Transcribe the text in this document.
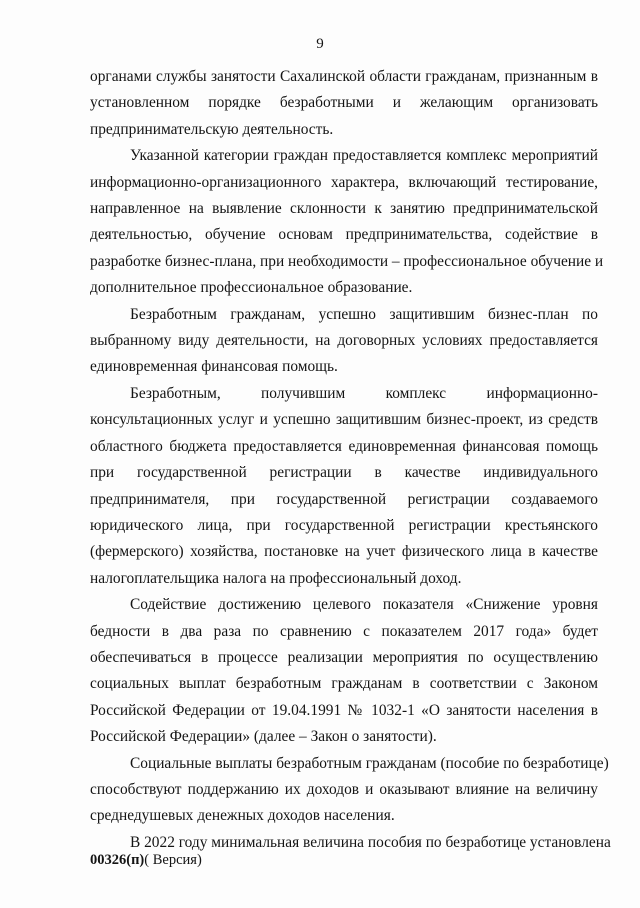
9
органами службы занятости Сахалинской области гражданам, признанным в
установленном порядке безработными и желающим организовать
предпринимательскую деятельность.
Указанной категории граждан предоставляется комплекс мероприятий
информационно-организационного характера, включающий тестирование,
направленное на выявление склонности к занятию предпринимательской
деятельностью, обучение основам предпринимательства, содействие в
разработке бизнес-плана, при необходимости – профессиональное обучение и
дополнительное профессиональное образование.
Безработным гражданам, успешно защитившим бизнес-план по
выбранному виду деятельности, на договорных условиях предоставляется
единовременная финансовая помощь.
Безработным, получившим комплекс информационно-
консультационных услуг и успешно защитившим бизнес-проект, из средств
областного бюджета предоставляется единовременная финансовая помощь
при государственной регистрации в качестве индивидуального
предпринимателя, при государственной регистрации создаваемого
юридического лица, при государственной регистрации крестьянского
(фермерского) хозяйства, постановке на учет физического лица в качестве
налогоплательщика налога на профессиональный доход.
Содействие достижению целевого показателя «Снижение уровня
бедности в два раза по сравнению с показателем 2017 года» будет
обеспечиваться в процессе реализации мероприятия по осуществлению
социальных выплат безработным гражданам в соответствии с Законом
Российской Федерации от 19.04.1991 № 1032-1 «О занятости населения в
Российской Федерации» (далее – Закон о занятости).
Социальные выплаты безработным гражданам (пособие по безработице)
способствуют поддержанию их доходов и оказывают влияние на величину
среднедушевых денежных доходов населения.
В 2022 году минимальная величина пособия по безработице установлена
00326(п)( Версия)
